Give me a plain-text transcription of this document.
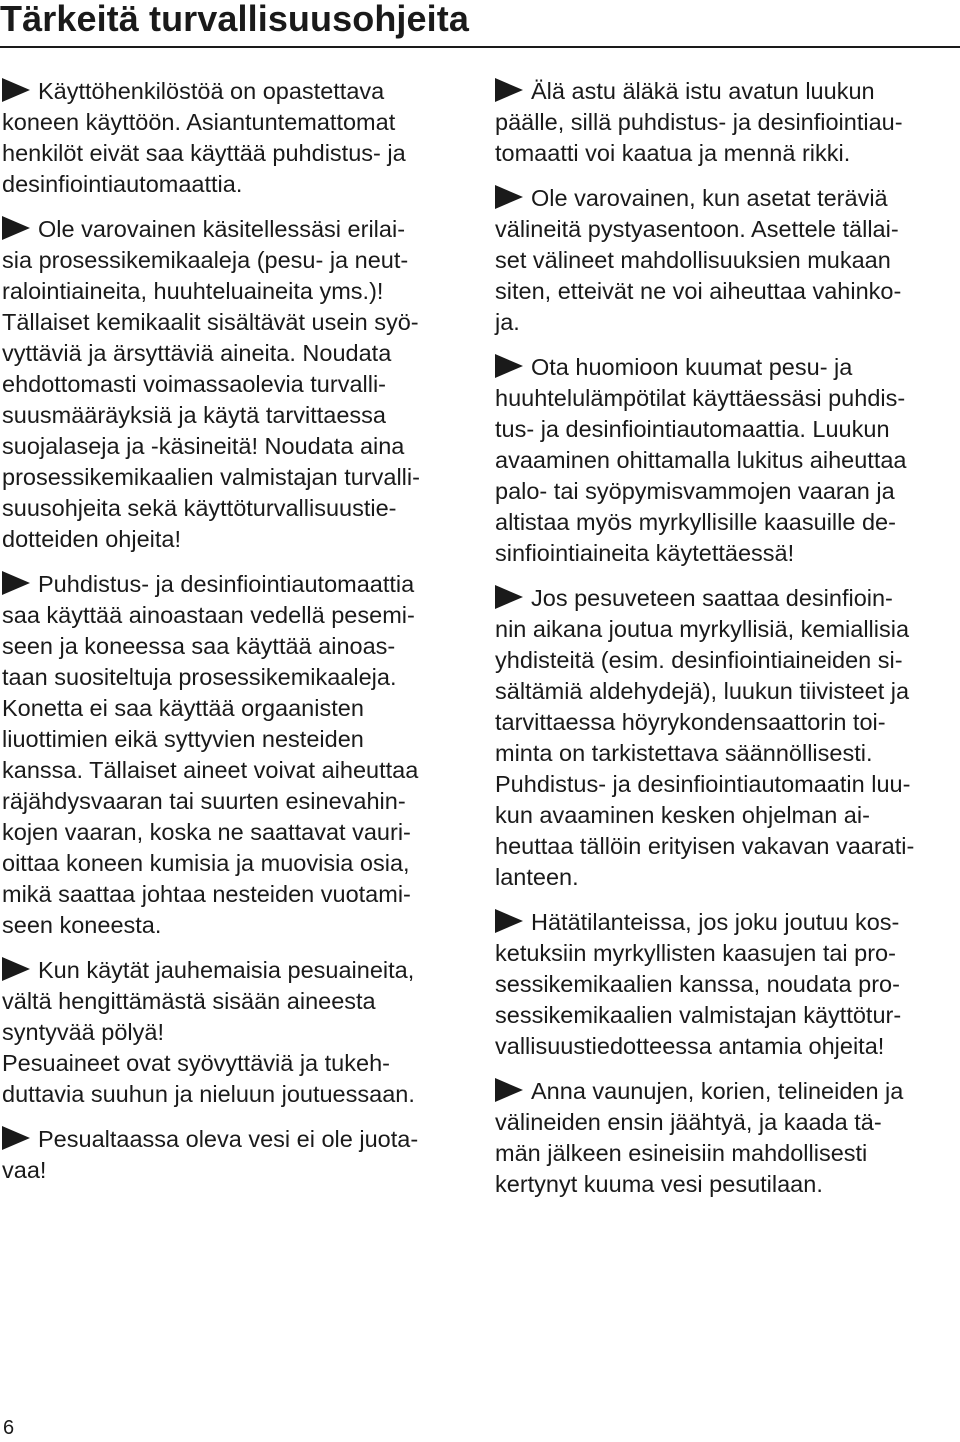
Tärkeitä turvallisuusohjeita
Käyttöhenkilöstöä on opastettava
koneen käyttöön. Asiantuntemattomat
henkilöt eivät saa käyttää puhdistus- ja
desinfiointiautomaattia.
Ole varovainen käsitellessäsi erilai-
sia prosessikemikaaleja (pesu- ja neut-
ralointiaineita, huuhteluaineita yms.)!
Tällaiset kemikaalit sisältävät usein syö-
vyttäviä ja ärsyttäviä aineita. Noudata
ehdottomasti voimassaolevia turvalli-
suusmääräyksiä ja käytä tarvittaessa
suojalaseja ja -käsineitä! Noudata aina
prosessikemikaalien valmistajan turvalli-
suusohjeita sekä käyttöturvallisuustie-
dotteiden ohjeita!
Puhdistus- ja desinfiointiautomaattia
saa käyttää ainoastaan vedellä pesemi-
seen ja koneessa saa käyttää ainoas-
taan suositeltuja prosessikemikaaleja.
Konetta ei saa käyttää orgaanisten
liuottimien eikä syttyvien nesteiden
kanssa. Tällaiset aineet voivat aiheuttaa
räjähdysvaaran tai suurten esinevahin-
kojen vaaran, koska ne saattavat vauri-
oittaa koneen kumisia ja muovisia osia,
mikä saattaa johtaa nesteiden vuotami-
seen koneesta.
Kun käytät jauhemaisia pesuaineita,
vältä hengittämästä sisään aineesta
syntyvää pölyä!
Pesuaineet ovat syövyttäviä ja tukeh-
duttavia suuhun ja nieluun joutuessaan.
Pesualtaassa oleva vesi ei ole juota-
vaa!
Älä astu äläkä istu avatun luukun
päälle, sillä puhdistus- ja desinfiointiau-
tomaatti voi kaatua ja mennä rikki.
Ole varovainen, kun asetat teräviä
välineitä pystyasentoon. Asettele tällai-
set välineet mahdollisuuksien mukaan
siten, etteivät ne voi aiheuttaa vahinko-
ja.
Ota huomioon kuumat pesu- ja
huuhtelulämpötilat käyttäessäsi puhdis-
tus- ja desinfiointiautomaattia. Luukun
avaaminen ohittamalla lukitus aiheuttaa
palo- tai syöpymisvammojen vaaran ja
altistaa myös myrkyllisille kaasuille de-
sinfiointiaineita käytettäessä!
Jos pesuveteen saattaa desinfioin-
nin aikana joutua myrkyllisiä, kemiallisia
yhdisteitä (esim. desinfiointiaineiden si-
sältämiä aldehydejä), luukun tiivisteet ja
tarvittaessa höyrykondensaattorin toi-
minta on tarkistettava säännöllisesti.
Puhdistus- ja desinfiointiautomaatin luu-
kun avaaminen kesken ohjelman ai-
heuttaa tällöin erityisen vakavan vaarati-
lanteen.
Hätätilanteissa, jos joku joutuu kos-
ketuksiin myrkyllisten kaasujen tai pro-
sessikemikaalien kanssa, noudata pro-
sessikemikaalien valmistajan käyttötur-
vallisuustiedotteessa antamia ohjeita!
Anna vaunujen, korien, telineiden ja
välineiden ensin jäähtyä, ja kaada tä-
män jälkeen esineisiin mahdollisesti
kertynyt kuuma vesi pesutilaan.
6
